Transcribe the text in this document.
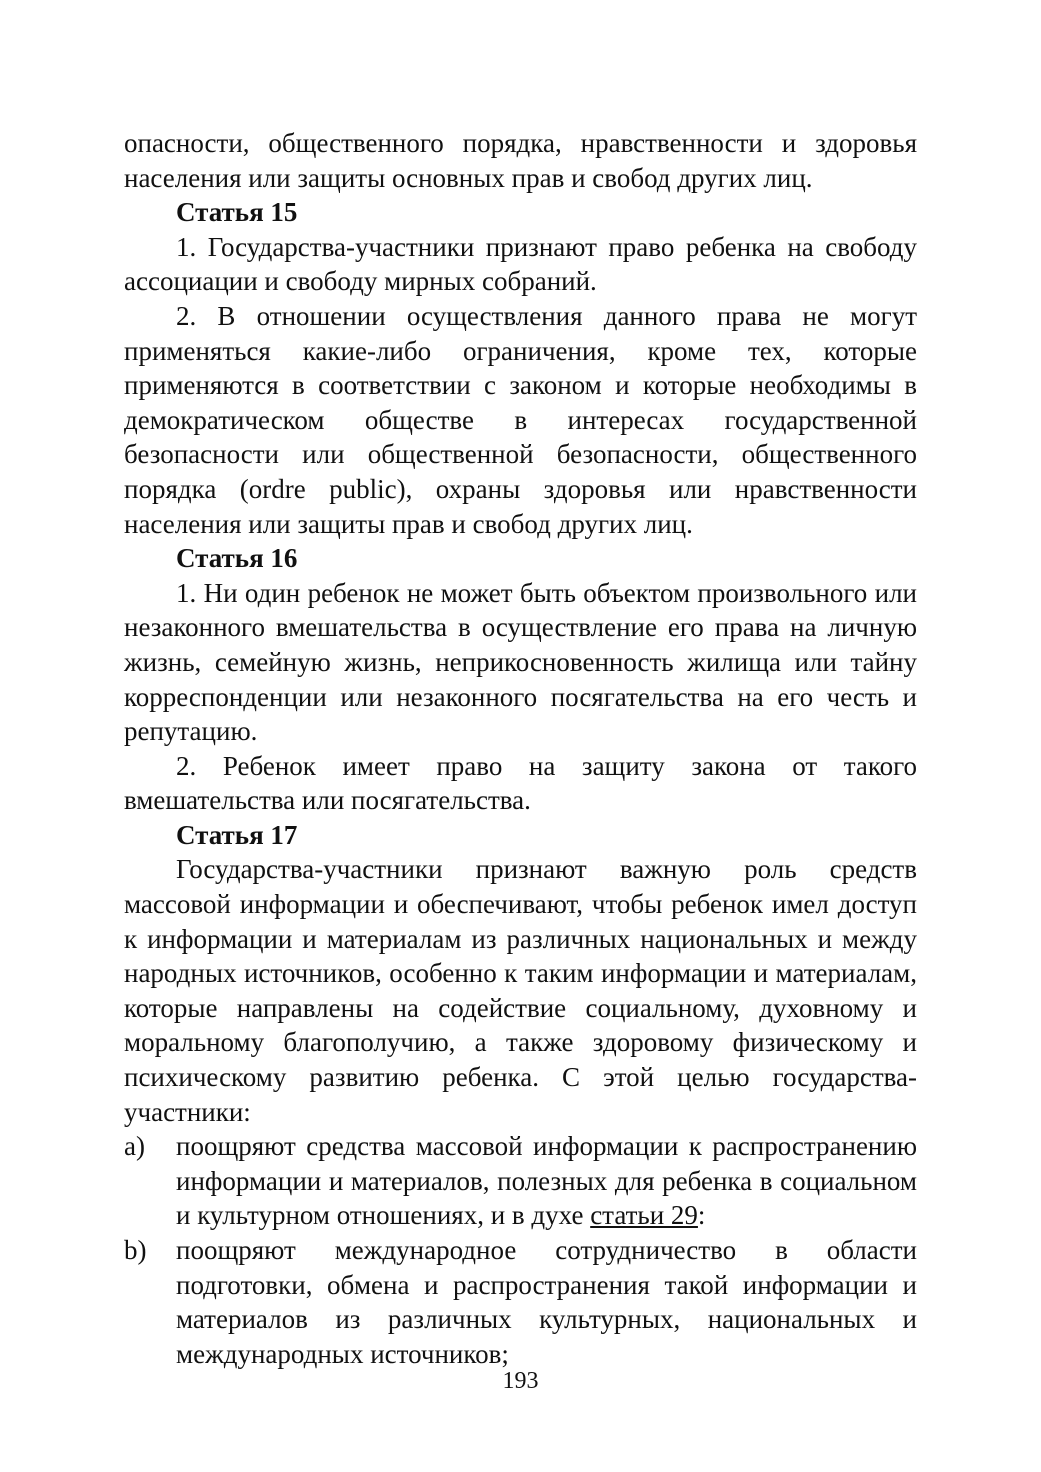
опасности, общественного порядка, нравственности и здоровья населения или защиты основных прав и свобод других лиц.

Статья 15

1. Государства-участники признают право ребенка на свободу ассоциации и свободу мирных собраний.

2. В отношении осуществления данного права не могут применяться какие-либо ограничения, кроме тех, которые применяются в соответствии с законом и которые необходимы в демократическом обществе в интересах государственной безопасности или общественной безопасности, общественного порядка (ordre public), охраны здоровья или нравственности населения или защиты прав и свобод других лиц.

Статья 16

1. Ни один ребенок не может быть объектом произвольного или незаконного вмешательства в осуществление его права на личную жизнь, семейную жизнь, неприкосновенность жилища или тайну корреспонденции или незаконного посягательства на его честь и репутацию.

2. Ребенок имеет право на защиту закона от такого вмешательства или посягательства.

Статья 17

Государства-участники признают важную роль средств массовой информации и обеспечивают, чтобы ребенок имел доступ к информации и материалам из различных национальных и между народных источников, особенно к таким информации и материалам, которые направлены на содействие социальному, духовному и моральному благополучию, а также здоровому физическому и психическому развитию ребенка. С этой целью государства-участники:

a)	поощряют средства массовой информации к распространению информации и материалов, полезных для ребенка в социальном и культурном отношениях, и в духе статьи 29:
b)	поощряют международное сотрудничество в области подготовки, обмена и распространения такой информации и материалов из различных культурных, национальных и международных источников;
193
